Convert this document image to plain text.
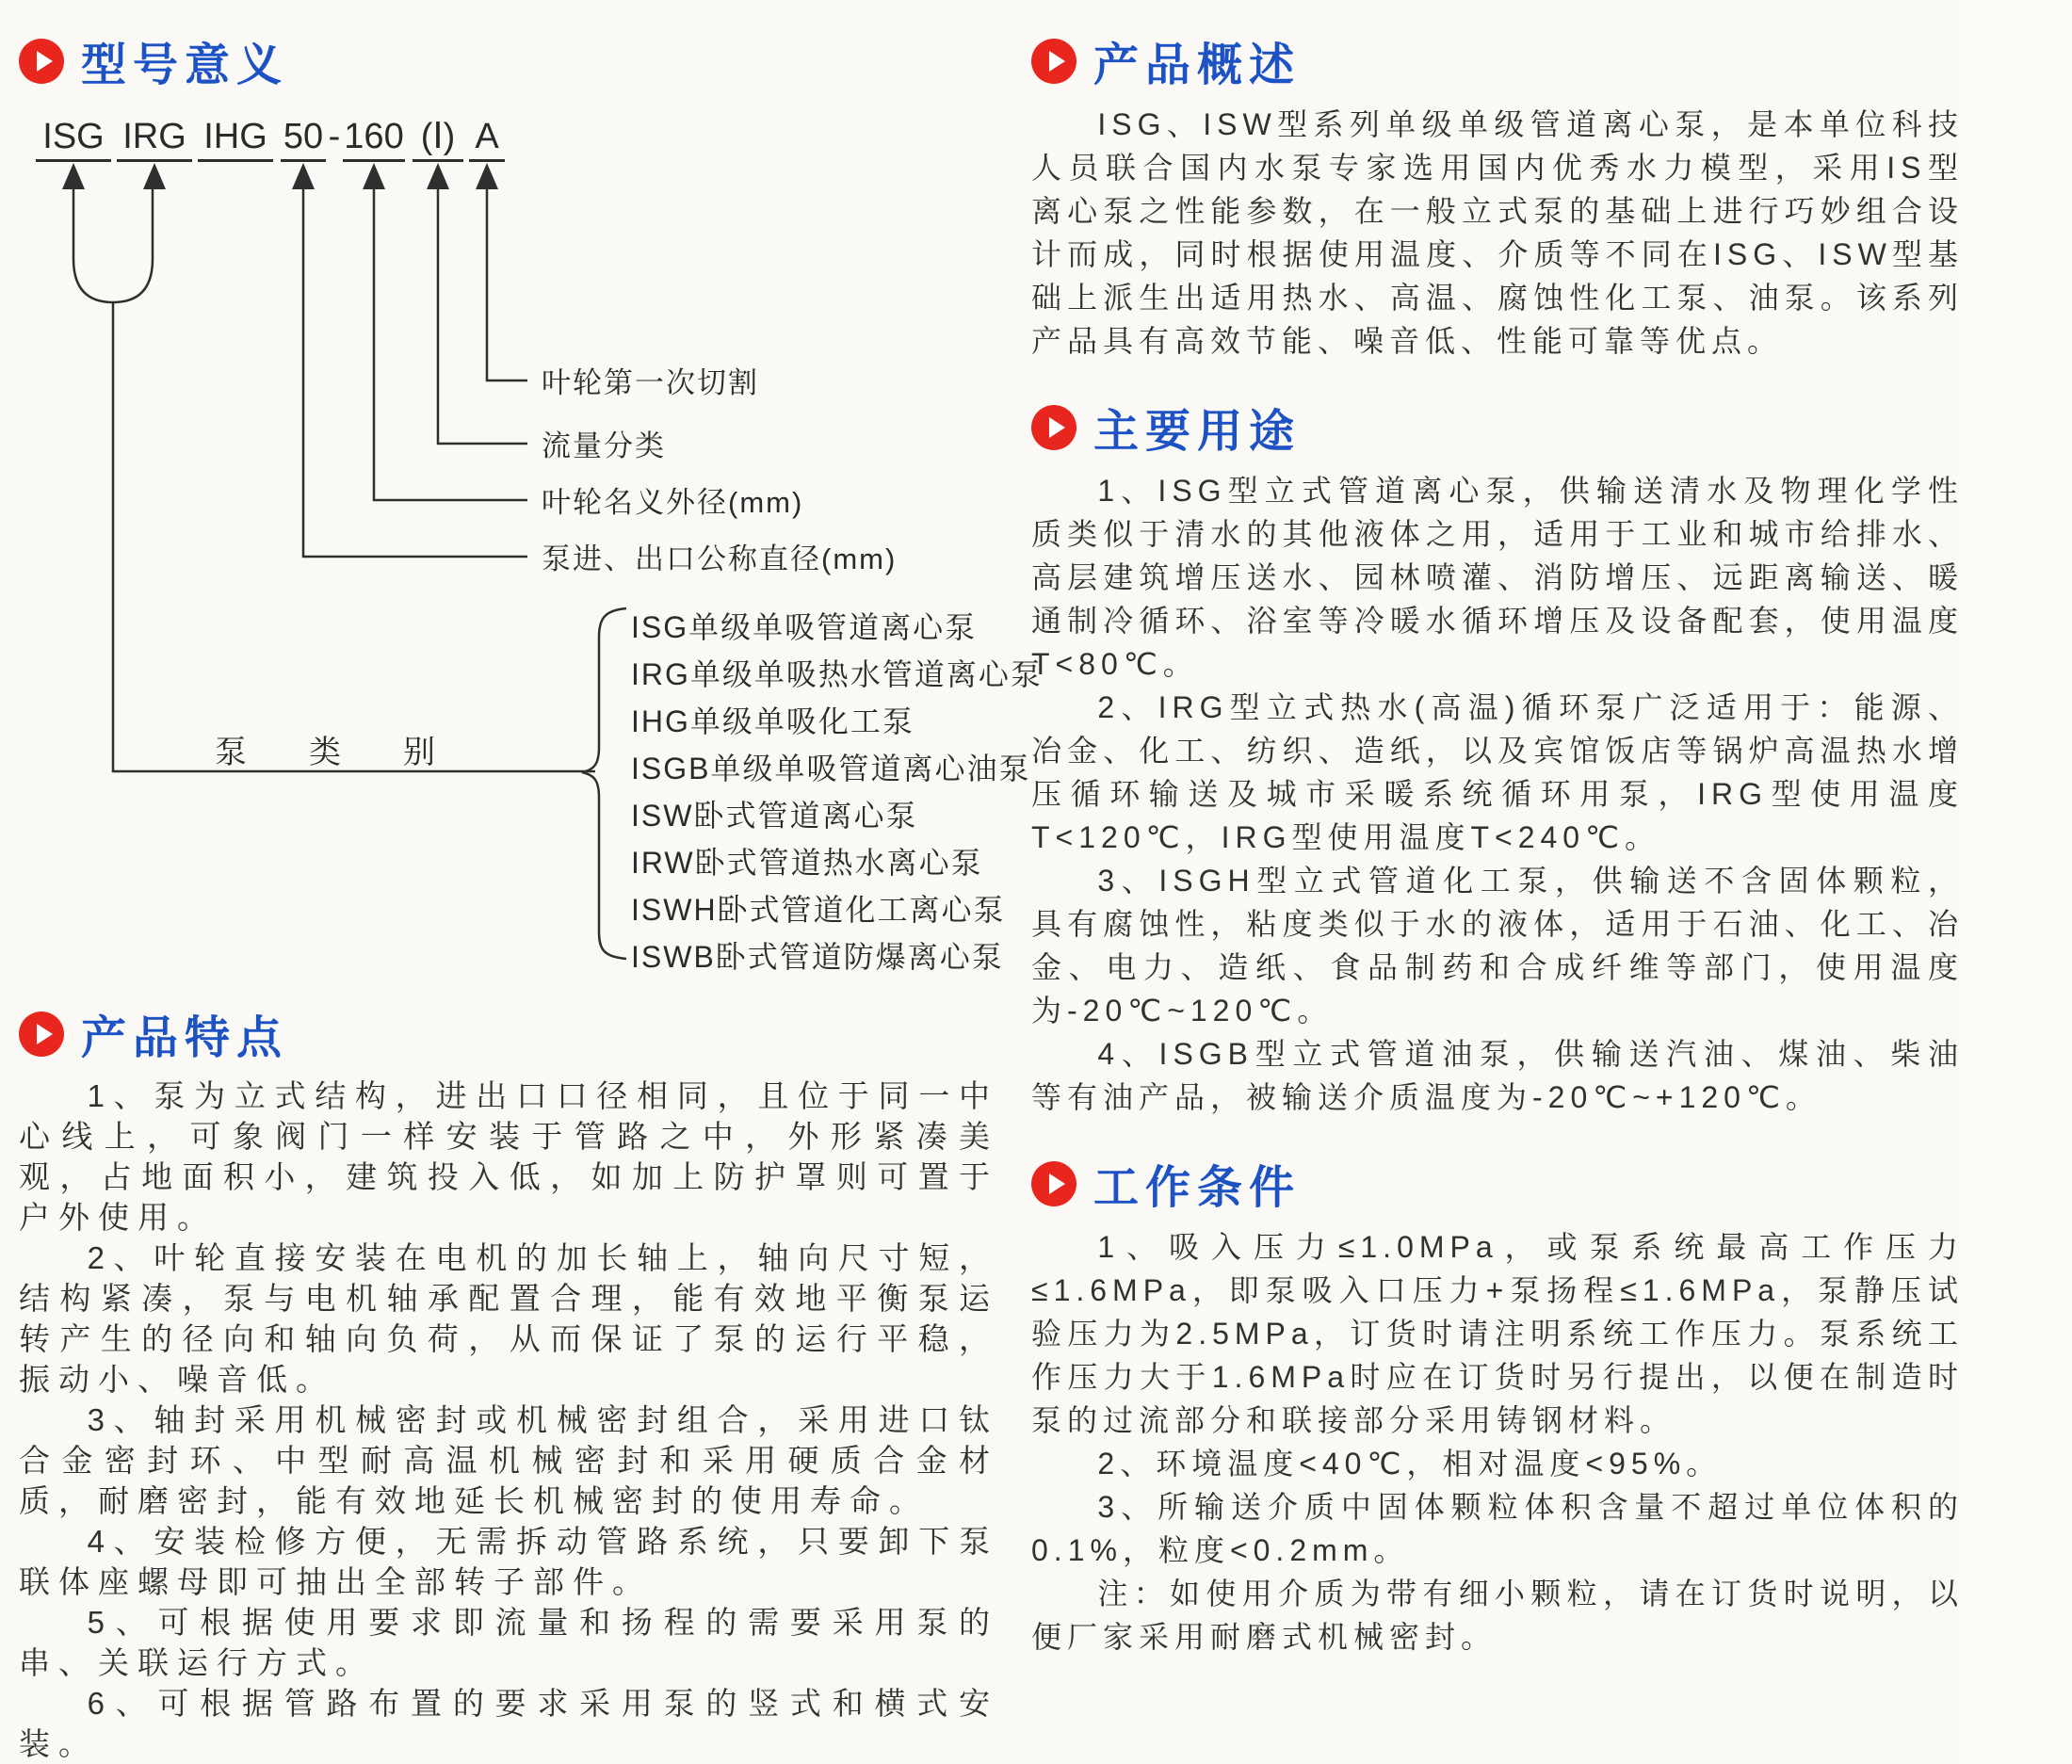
型号意义
ISG IRG IHG 50 - 160 (Ⅰ) A
叶轮第一次切割
流量分类
叶轮名义外径(mm)
泵进、出口公称直径(mm)
泵类别
ISG单级单吸管道离心泵
IRG单级单吸热水管道离心泵
IHG单级单吸化工泵
ISGB单级单吸管道离心油泵
ISW卧式管道离心泵
IRW卧式管道热水离心泵
ISWH卧式管道化工离心泵
ISWB卧式管道防爆离心泵
产品特点

1、泵为立式结构，进出口口径相同，且位于同一中心线上，可象阀门一样安装于管路之中，外形紧凑美观，占地面积小，建筑投入低，如加上防护罩则可置于户外使用。

2、叶轮直接安装在电机的加长轴上，轴向尺寸短，结构紧凑，泵与电机轴承配置合理，能有效地平衡泵运转产生的径向和轴向负荷，从而保证了泵的运行平稳，振动小、噪音低。

3、轴封采用机械密封或机械密封组合，采用进口钛合金密封环、中型耐高温机械密封和采用硬质合金材质，耐磨密封，能有效地延长机械密封的使用寿命。

4、安装检修方便，无需拆动管路系统，只要卸下泵联体座螺母即可抽出全部转子部件。

5、可根据使用要求即流量和扬程的需要采用泵的串、关联运行方式。

6、可根据管路布置的要求采用泵的竖式和横式安装。

产品概述

ISG、ISW型系列单级单级管道离心泵，是本单位科技人员联合国内水泵专家选用国内优秀水力模型，采用IS型离心泵之性能参数，在一般立式泵的基础上进行巧妙组合设计而成，同时根据使用温度、介质等不同在ISG、ISW型基础上派生出适用热水、高温、腐蚀性化工泵、油泵。该系列产品具有高效节能、噪音低、性能可靠等优点。

主要用途

1、ISG型立式管道离心泵，供输送清水及物理化学性质类似于清水的其他液体之用，适用于工业和城市给排水、高层建筑增压送水、园林喷灌、消防增压、远距离输送、暖通制冷循环、浴室等冷暖水循环增压及设备配套，使用温度T<80℃。

2、IRG型立式热水(高温)循环泵广泛适用于：能源、冶金、化工、纺织、造纸，以及宾馆饭店等锅炉高温热水增压循环输送及城市采暖系统循环用泵，IRG型使用温度T<120℃，IRG型使用温度T<240℃。

3、ISGH型立式管道化工泵，供输送不含固体颗粒，具有腐蚀性，粘度类似于水的液体，适用于石油、化工、冶金、电力、造纸、食品制药和合成纤维等部门，使用温度为-20℃~120℃。

4、ISGB型立式管道油泵，供输送汽油、煤油、柴油等有油产品，被输送介质温度为-20℃~+120℃。

工作条件

1、吸入压力≤1.0MPa，或泵系统最高工作压力≤1.6MPa，即泵吸入口压力+泵扬程≤1.6MPa，泵静压试验压力为2.5MPa，订货时请注明系统工作压力。泵系统工作压力大于1.6MPa时应在订货时另行提出，以便在制造时泵的过流部分和联接部分采用铸钢材料。

2、环境温度<40℃，相对温度<95%。

3、所输送介质中固体颗粒体积含量不超过单位体积的0.1%，粒度<0.2mm。

注：如使用介质为带有细小颗粒，请在订货时说明，以便厂家采用耐磨式机械密封。
